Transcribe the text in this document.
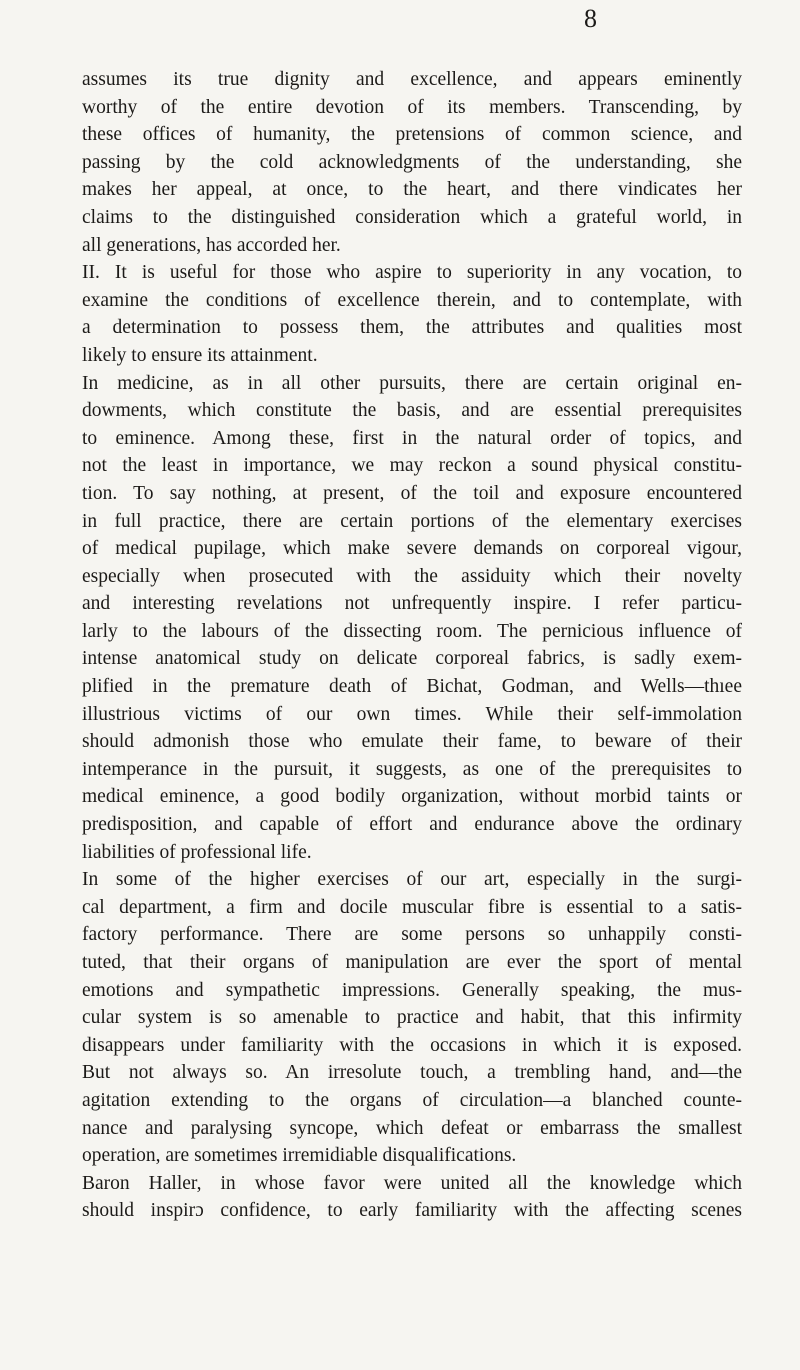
8
assumes its true dignity and excellence, and appears eminently
worthy of the entire devotion of its members. Transcending, by
these offices of humanity, the pretensions of common science, and
passing by the cold acknowledgments of the understanding, she
makes her appeal, at once, to the heart, and there vindicates her
claims to the distinguished consideration which a grateful world, in
all generations, has accorded her.
II. It is useful for those who aspire to superiority in any vocation, to
examine the conditions of excellence therein, and to contemplate, with
a determination to possess them, the attributes and qualities most
likely to ensure its attainment.
In medicine, as in all other pursuits, there are certain original en-
dowments, which constitute the basis, and are essential prerequisites
to eminence. Among these, first in the natural order of topics, and
not the least in importance, we may reckon a sound physical constitu-
tion. To say nothing, at present, of the toil and exposure encountered
in full practice, there are certain portions of the elementary exercises
of medical pupilage, which make severe demands on corporeal vigour,
especially when prosecuted with the assiduity which their novelty
and interesting revelations not unfrequently inspire. I refer particu-
larly to the labours of the dissecting room. The pernicious influence of
intense anatomical study on delicate corporeal fabrics, is sadly exem-
plified in the premature death of Bichat, Godman, and Wells—thıee
illustrious victims of our own times. While their self-immolation
should admonish those who emulate their fame, to beware of their
intemperance in the pursuit, it suggests, as one of the prerequisites to
medical eminence, a good bodily organization, without morbid taints or
predisposition, and capable of effort and endurance above the ordinary
liabilities of professional life.
In some of the higher exercises of our art, especially in the surgi-
cal department, a firm and docile muscular fibre is essential to a satis-
factory performance. There are some persons so unhappily consti-
tuted, that their organs of manipulation are ever the sport of mental
emotions and sympathetic impressions. Generally speaking, the mus-
cular system is so amenable to practice and habit, that this infirmity
disappears under familiarity with the occasions in which it is exposed.
But not always so. An irresolute touch, a trembling hand, and—the
agitation extending to the organs of circulation—a blanched counte-
nance and paralysing syncope, which defeat or embarrass the smallest
operation, are sometimes irremidiable disqualifications.
Baron Haller, in whose favor were united all the knowledge which
should inspirɔ confidence, to early familiarity with the affecting scenes
